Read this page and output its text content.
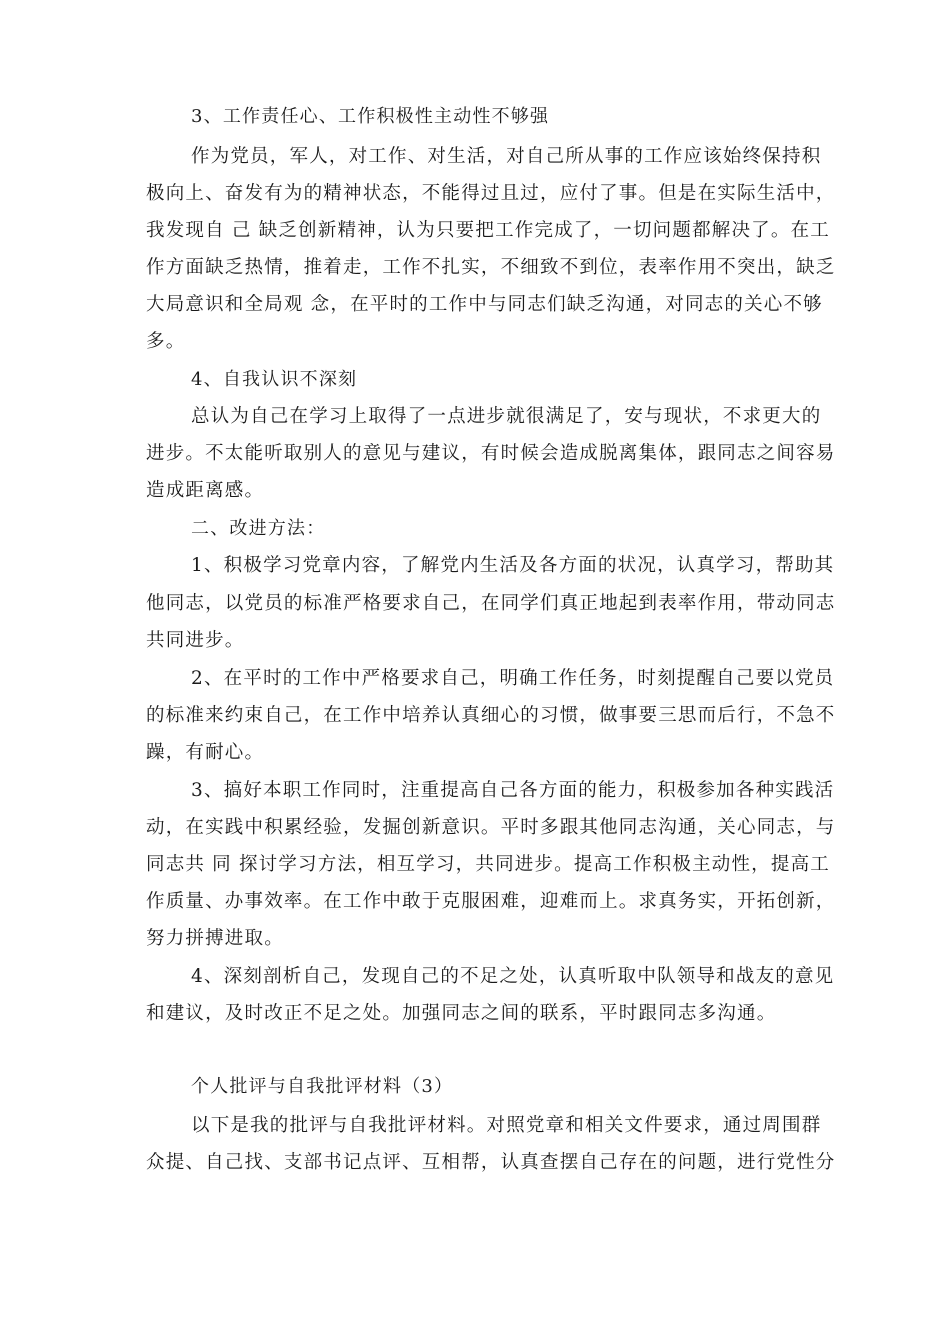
3、工作责任心、工作积极性主动性不够强
作为党员，军人，对工作、对生活，对自己所从事的工作应该始终保持积
极向上、奋发有为的精神状态，不能得过且过，应付了事。但是在实际生活中，
我发现自 己 缺乏创新精神，认为只要把工作完成了，一切问题都解决了。在工
作方面缺乏热情，推着走，工作不扎实，不细致不到位，表率作用不突出，缺乏
大局意识和全局观 念，在平时的工作中与同志们缺乏沟通，对同志的关心不够
多。
4、自我认识不深刻
总认为自己在学习上取得了一点进步就很满足了，安与现状，不求更大的
进步。不太能听取别人的意见与建议，有时候会造成脱离集体，跟同志之间容易
造成距离感。
二、改进方法：
1、积极学习党章内容，了解党内生活及各方面的状况，认真学习，帮助其
他同志，以党员的标准严格要求自己，在同学们真正地起到表率作用，带动同志
共同进步。
2、在平时的工作中严格要求自己，明确工作任务，时刻提醒自己要以党员
的标准来约束自己，在工作中培养认真细心的习惯，做事要三思而后行，不急不
躁，有耐心。
3、搞好本职工作同时，注重提高自己各方面的能力，积极参加各种实践活
动，在实践中积累经验，发掘创新意识。平时多跟其他同志沟通，关心同志，与
同志共 同 探讨学习方法，相互学习，共同进步。提高工作积极主动性，提高工
作质量、办事效率。在工作中敢于克服困难，迎难而上。求真务实，开拓创新，
努力拼搏进取。
4、深刻剖析自己，发现自己的不足之处，认真听取中队领导和战友的意见
和建议，及时改正不足之处。加强同志之间的联系，平时跟同志多沟通。
个人批评与自我批评材料（3）
以下是我的批评与自我批评材料。对照党章和相关文件要求，通过周围群
众提、自己找、支部书记点评、互相帮，认真查摆自己存在的问题，进行党性分
